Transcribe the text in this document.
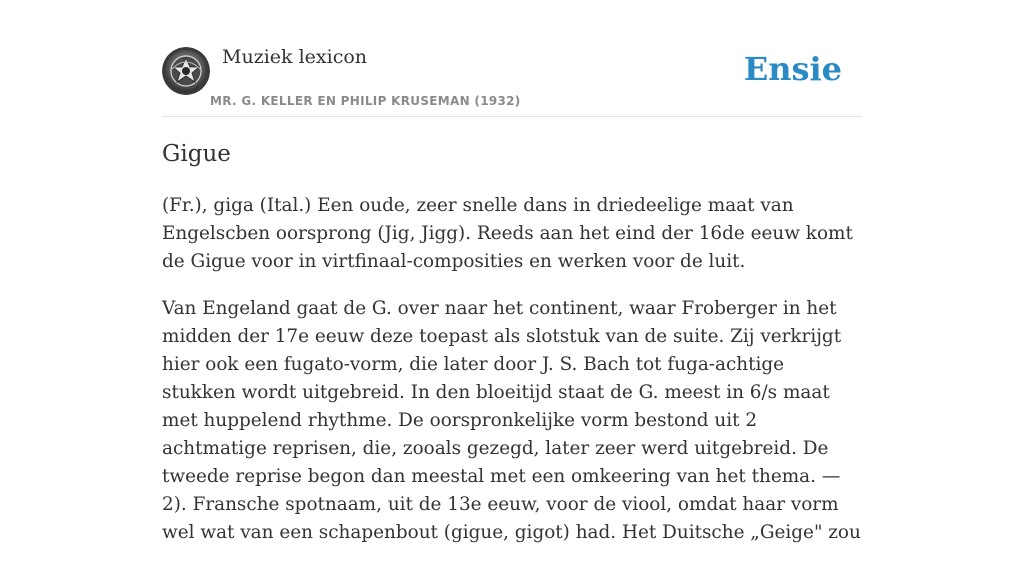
Muziek lexicon
MR. G. KELLER EN PHILIP KRUSEMAN (1932)
Ensie
Gigue

(Fr.), giga (Ital.) Een oude, zeer snelle dans in driedeelige maat van Engelscben oorsprong (Jig, Jigg). Reeds aan het eind der 16de eeuw komt de Gigue voor in virtfinaal-composities en werken voor de luit.

Van Engeland gaat de G. over naar het continent, waar Froberger in het midden der 17e eeuw deze toepast als slotstuk van de suite. Zij verkrijgt hier ook een fugato-vorm, die later door J. S. Bach tot fuga-achtige stukken wordt uitgebreid. In den bloeitijd staat de G. meest in 6/s maat met huppelend rhythme. De oorspronkelijke vorm bestond uit 2 achtmatige reprisen, die, zooals gezegd, later zeer werd uitgebreid. De tweede reprise begon dan meestal met een omkeering van het thema. — 2). Fransche spotnaam, uit de 13e eeuw, voor de viool, omdat haar vorm wel wat van een schapenbout (gigue, gigot) had. Het Duitsche „Geige" zou
